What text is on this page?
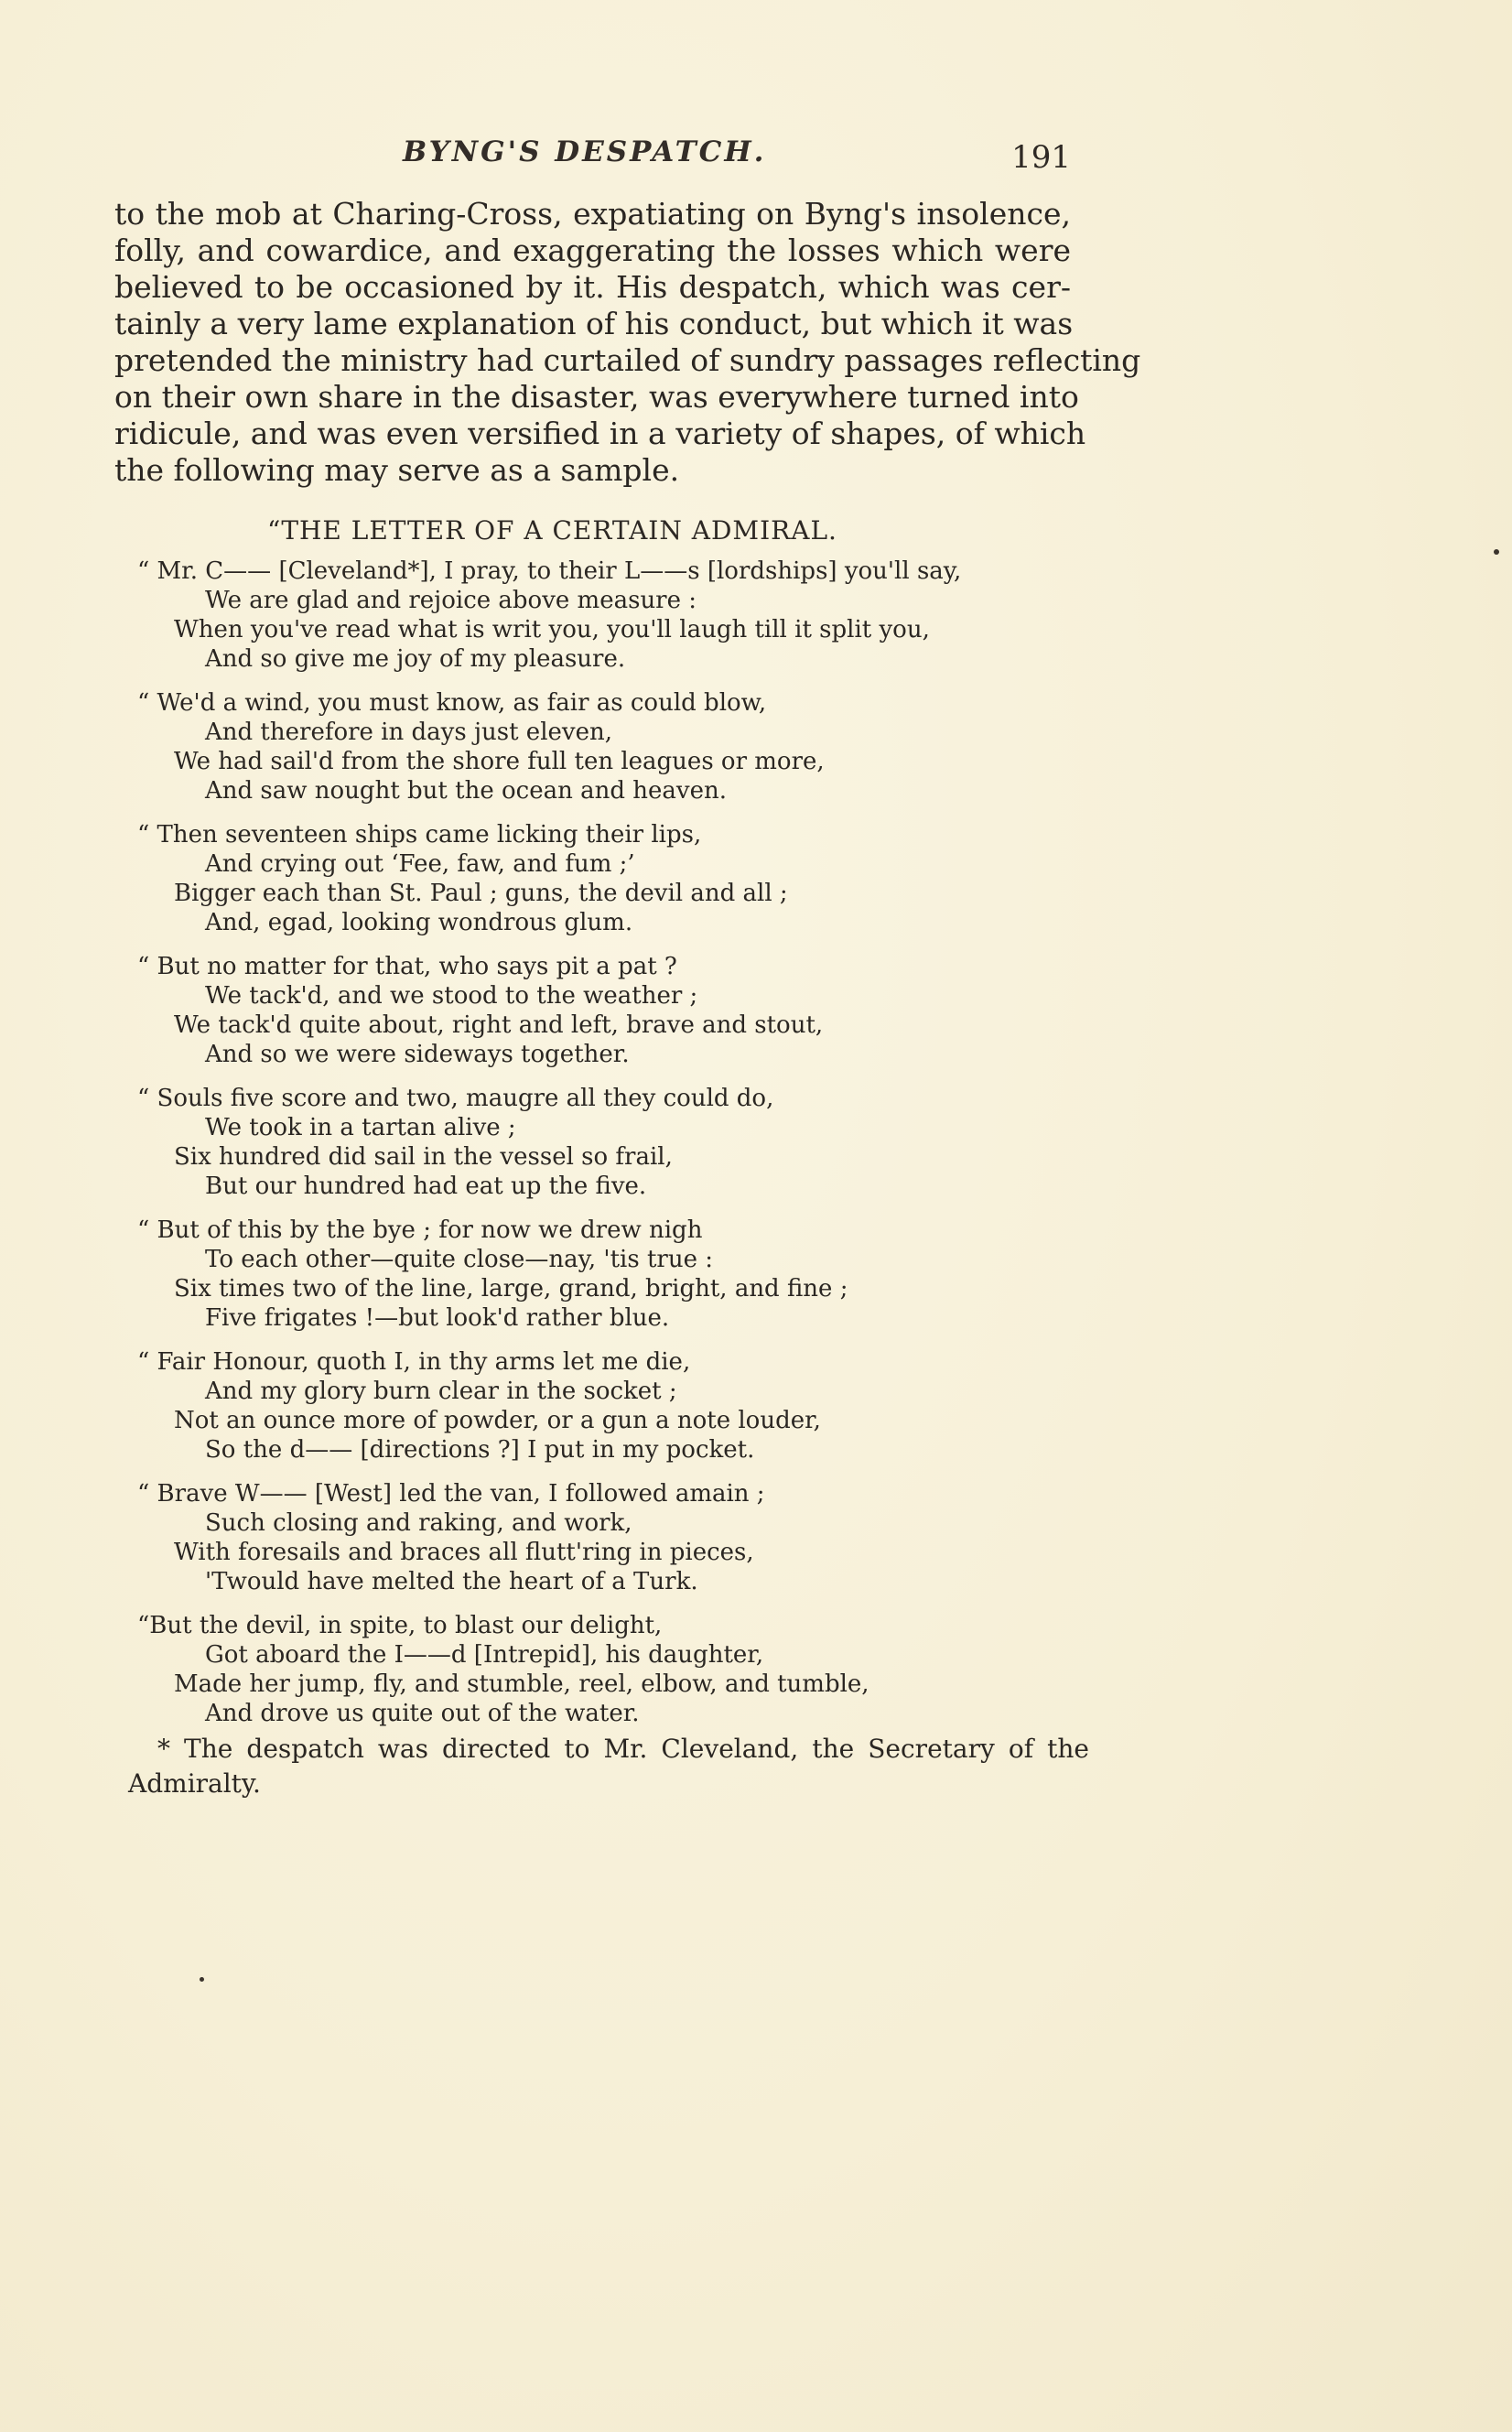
BYNG'S DESPATCH.	191
to the mob at Charing-Cross, expatiating on Byng's insolence,
folly, and cowardice, and exaggerating the losses which were
believed to be occasioned by it. His despatch, which was cer-
tainly a very lame explanation of his conduct, but which it was
pretended the ministry had curtailed of sundry passages reflecting
on their own share in the disaster, was everywhere turned into
ridicule, and was even versified in a variety of shapes, of which
the following may serve as a sample.
“THE LETTER OF A CERTAIN ADMIRAL.
“ Mr. C—— [Cleveland*], I pray, to their L——s [lordships] you'll say,
We are glad and rejoice above measure :
When you've read what is writ you, you'll laugh till it split you,
And so give me joy of my pleasure.
“ We'd a wind, you must know, as fair as could blow,
And therefore in days just eleven,
We had sail'd from the shore full ten leagues or more,
And saw nought but the ocean and heaven.
“ Then seventeen ships came licking their lips,
And crying out ‘Fee, faw, and fum ;’
Bigger each than St. Paul ; guns, the devil and all ;
And, egad, looking wondrous glum.
“ But no matter for that, who says pit a pat ?
We tack'd, and we stood to the weather ;
We tack'd quite about, right and left, brave and stout,
And so we were sideways together.
“ Souls five score and two, maugre all they could do,
We took in a tartan alive ;
Six hundred did sail in the vessel so frail,
But our hundred had eat up the five.
“ But of this by the bye ; for now we drew nigh
To each other—quite close—nay, 'tis true :
Six times two of the line, large, grand, bright, and fine ;
Five frigates !—but look'd rather blue.
“ Fair Honour, quoth I, in thy arms let me die,
And my glory burn clear in the socket ;
Not an ounce more of powder, or a gun a note louder,
So the d—— [directions ?] I put in my pocket.
“ Brave W—— [West] led the van, I followed amain ;
Such closing and raking, and work,
With foresails and braces all flutt'ring in pieces,
'Twould have melted the heart of a Turk.
“But the devil, in spite, to blast our delight,
Got aboard the I——d [Intrepid], his daughter,
Made her jump, fly, and stumble, reel, elbow, and tumble,
And drove us quite out of the water.
* The despatch was directed to Mr. Cleveland, the Secretary of the
Admiralty.
